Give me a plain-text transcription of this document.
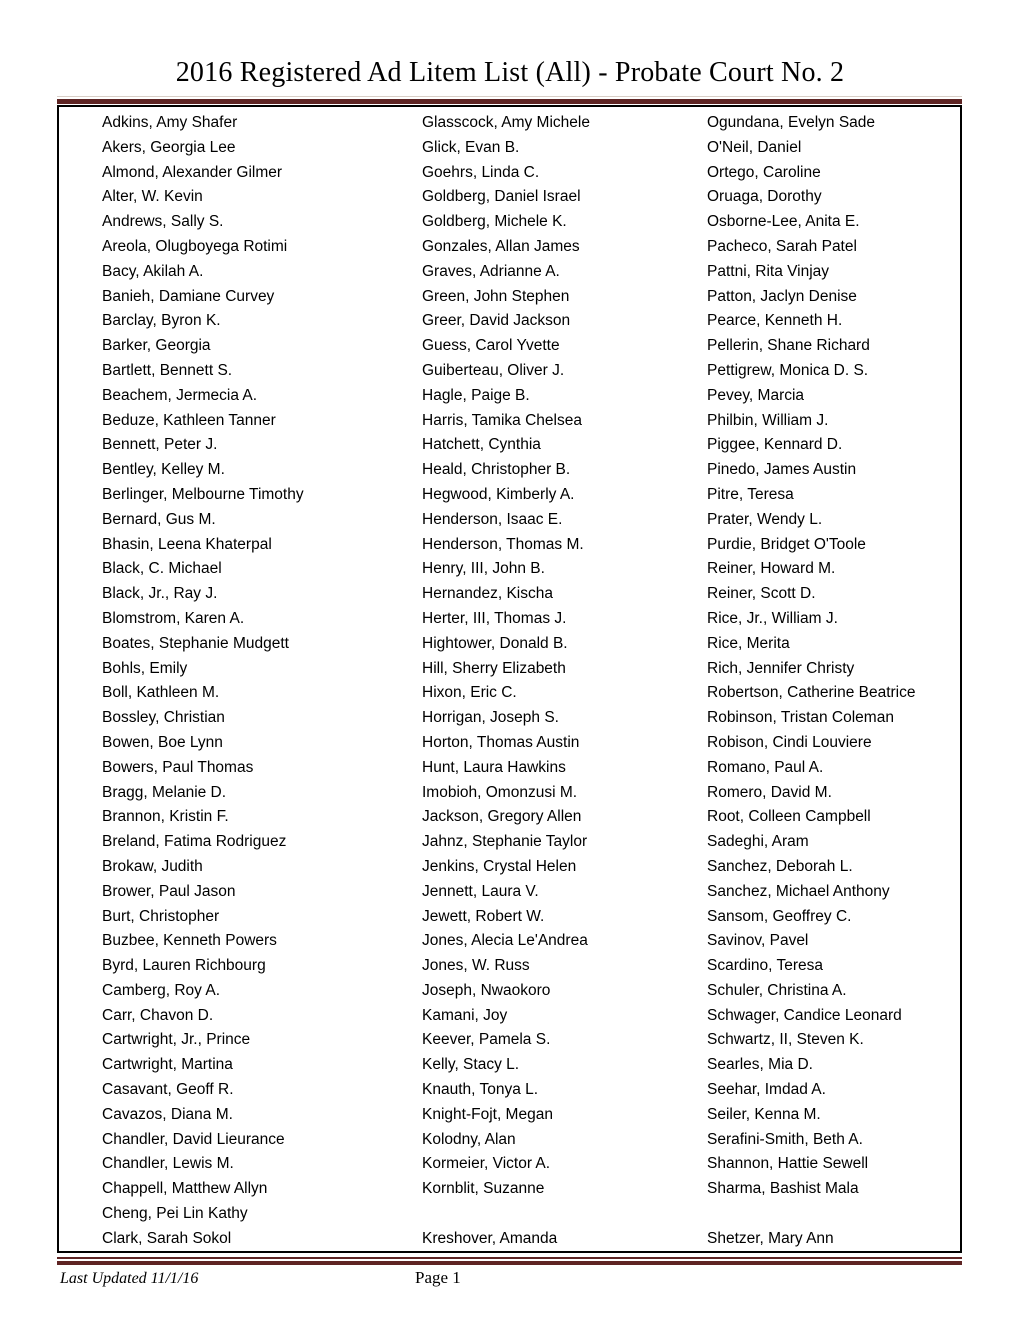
2016 Registered Ad Litem List (All) - Probate Court No. 2
Adkins, Amy Shafer
Akers, Georgia Lee
Almond, Alexander Gilmer
Alter, W. Kevin
Andrews, Sally S.
Areola, Olugboyega Rotimi
Bacy, Akilah A.
Banieh, Damiane Curvey
Barclay, Byron K.
Barker, Georgia
Bartlett, Bennett S.
Beachem, Jermecia A.
Beduze, Kathleen Tanner
Bennett, Peter J.
Bentley, Kelley M.
Berlinger, Melbourne Timothy
Bernard, Gus M.
Bhasin, Leena Khaterpal
Black, C. Michael
Black, Jr., Ray J.
Blomstrom, Karen A.
Boates, Stephanie Mudgett
Bohls, Emily
Boll, Kathleen M.
Bossley, Christian
Bowen, Boe Lynn
Bowers, Paul Thomas
Bragg, Melanie D.
Brannon, Kristin F.
Breland, Fatima Rodriguez
Brokaw, Judith
Brower, Paul Jason
Burt, Christopher
Buzbee, Kenneth Powers
Byrd, Lauren Richbourg
Camberg, Roy A.
Carr, Chavon D.
Cartwright, Jr., Prince
Cartwright, Martina
Casavant, Geoff R.
Cavazos, Diana M.
Chandler, David Lieurance
Chandler, Lewis M.
Chappell, Matthew Allyn
Cheng, Pei Lin Kathy
Clark, Sarah Sokol
Glasscock, Amy Michele
Glick, Evan B.
Goehrs, Linda C.
Goldberg, Daniel Israel
Goldberg, Michele K.
Gonzales, Allan James
Graves, Adrianne A.
Green, John Stephen
Greer, David Jackson
Guess, Carol Yvette
Guiberteau, Oliver J.
Hagle, Paige B.
Harris, Tamika Chelsea
Hatchett, Cynthia
Heald, Christopher B.
Hegwood, Kimberly A.
Henderson, Isaac E.
Henderson, Thomas M.
Henry, III, John B.
Hernandez, Kischa
Herter, III, Thomas J.
Hightower, Donald B.
Hill, Sherry Elizabeth
Hixon, Eric C.
Horrigan, Joseph S.
Horton, Thomas Austin
Hunt, Laura Hawkins
Imobioh, Omonzusi M.
Jackson, Gregory Allen
Jahnz, Stephanie Taylor
Jenkins, Crystal Helen
Jennett, Laura V.
Jewett, Robert W.
Jones, Alecia Le'Andrea
Jones, W. Russ
Joseph, Nwaokoro
Kamani, Joy
Keever, Pamela S.
Kelly, Stacy L.
Knauth, Tonya L.
Knight-Fojt, Megan
Kolodny, Alan
Kormeier, Victor A.
Kornblit, Suzanne
Kreshover, Amanda
Ogundana, Evelyn Sade
O'Neil, Daniel
Ortego, Caroline
Oruaga, Dorothy
Osborne-Lee, Anita E.
Pacheco, Sarah Patel
Pattni, Rita Vinjay
Patton, Jaclyn Denise
Pearce, Kenneth H.
Pellerin, Shane Richard
Pettigrew, Monica D. S.
Pevey, Marcia
Philbin, William J.
Piggee, Kennard D.
Pinedo, James Austin
Pitre, Teresa
Prater, Wendy L.
Purdie, Bridget O'Toole
Reiner, Howard M.
Reiner, Scott D.
Rice, Jr., William J.
Rice, Merita
Rich, Jennifer Christy
Robertson, Catherine Beatrice
Robinson, Tristan Coleman
Robison, Cindi Louviere
Romano, Paul A.
Romero, David M.
Root, Colleen Campbell
Sadeghi, Aram
Sanchez, Deborah L.
Sanchez, Michael Anthony
Sansom, Geoffrey C.
Savinov, Pavel
Scardino, Teresa
Schuler, Christina A.
Schwager, Candice Leonard
Schwartz, II, Steven K.
Searles, Mia D.
Seehar, Imdad A.
Seiler, Kenna M.
Serafini-Smith, Beth A.
Shannon, Hattie Sewell
Sharma, Bashist Mala
Shetzer, Mary Ann
Last Updated 11/1/16	Page 1
